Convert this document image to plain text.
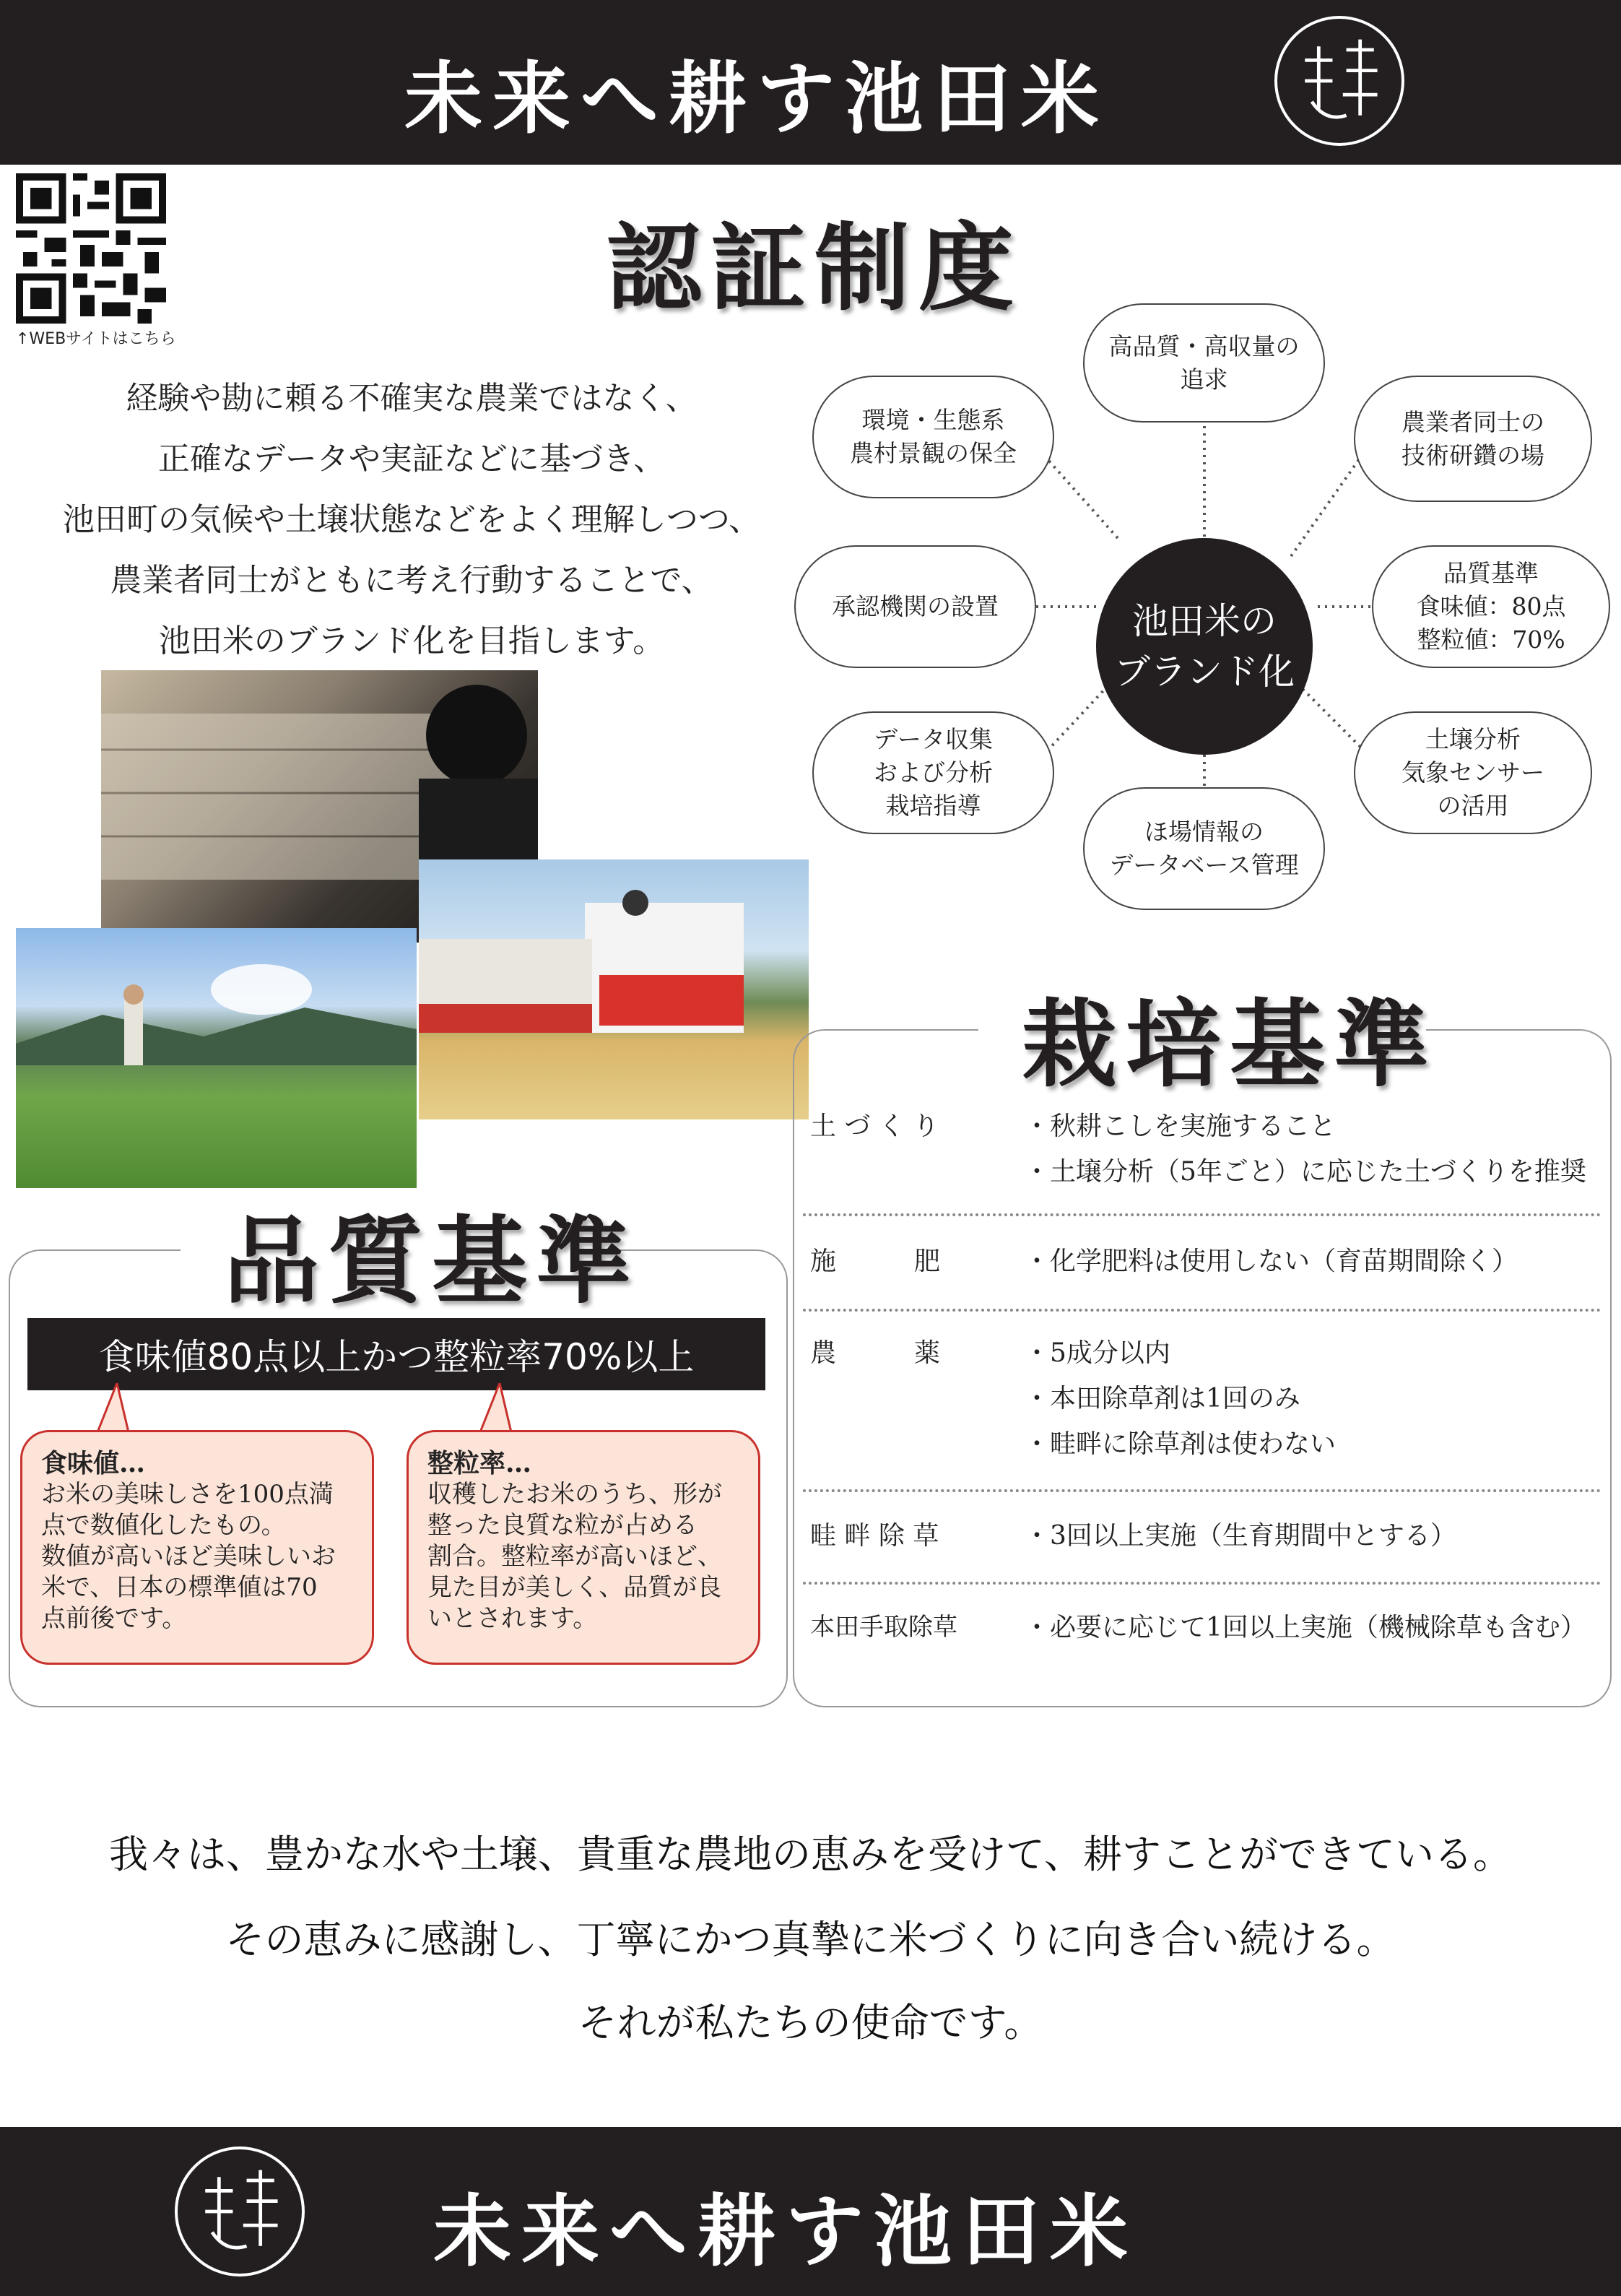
未来へ耕す池田米
↑WEBサイトはこちら
認証制度
経験や勘に頼る不確実な農業ではなく、
正確なデータや実証などに基づき、
池田町の気候や土壌状態などをよく理解しつつ、
農業者同士がともに考え行動することで、
池田米のブランド化を目指します。	池田米の
ブランド化
高品質・高収量の
追求
農業者同士の
技術研鑽の場
品質基準
食味値：80点
整粒値：70%
土壌分析
気象センサー
の活用
ほ場情報の
データベース管理
データ収集
および分析
栽培指導
承認機関の設置
環境・生態系
農村景観の保全
栽培基準
土 づ く り	・秋耕こしを実施すること
・土壌分析（5年ごと）に応じた土づくりを推奨
施　　　肥	・化学肥料は使用しない（育苗期間除く）
農　　　薬	・5成分以内
・本田除草剤は1回のみ
・畦畔に除草剤は使わない
畦 畔 除 草	・3回以上実施（生育期間中とする）
本田手取除草	・必要に応じて1回以上実施（機械除草も含む）
品質基準
食味値80点以上かつ整粒率70%以上
食味値…
お米の美味しさを100点満
点で数値化したもの。
数値が高いほど美味しいお
米で、日本の標準値は70
点前後です。
整粒率…
収穫したお米のうち、形が
整った良質な粒が占める
割合。整粒率が高いほど、
見た目が美しく、品質が良
いとされます。
我々は、豊かな水や土壌、貴重な農地の恵みを受けて、耕すことができている。
その恵みに感謝し、丁寧にかつ真摯に米づくりに向き合い続ける。
それが私たちの使命です。
未来へ耕す池田米
